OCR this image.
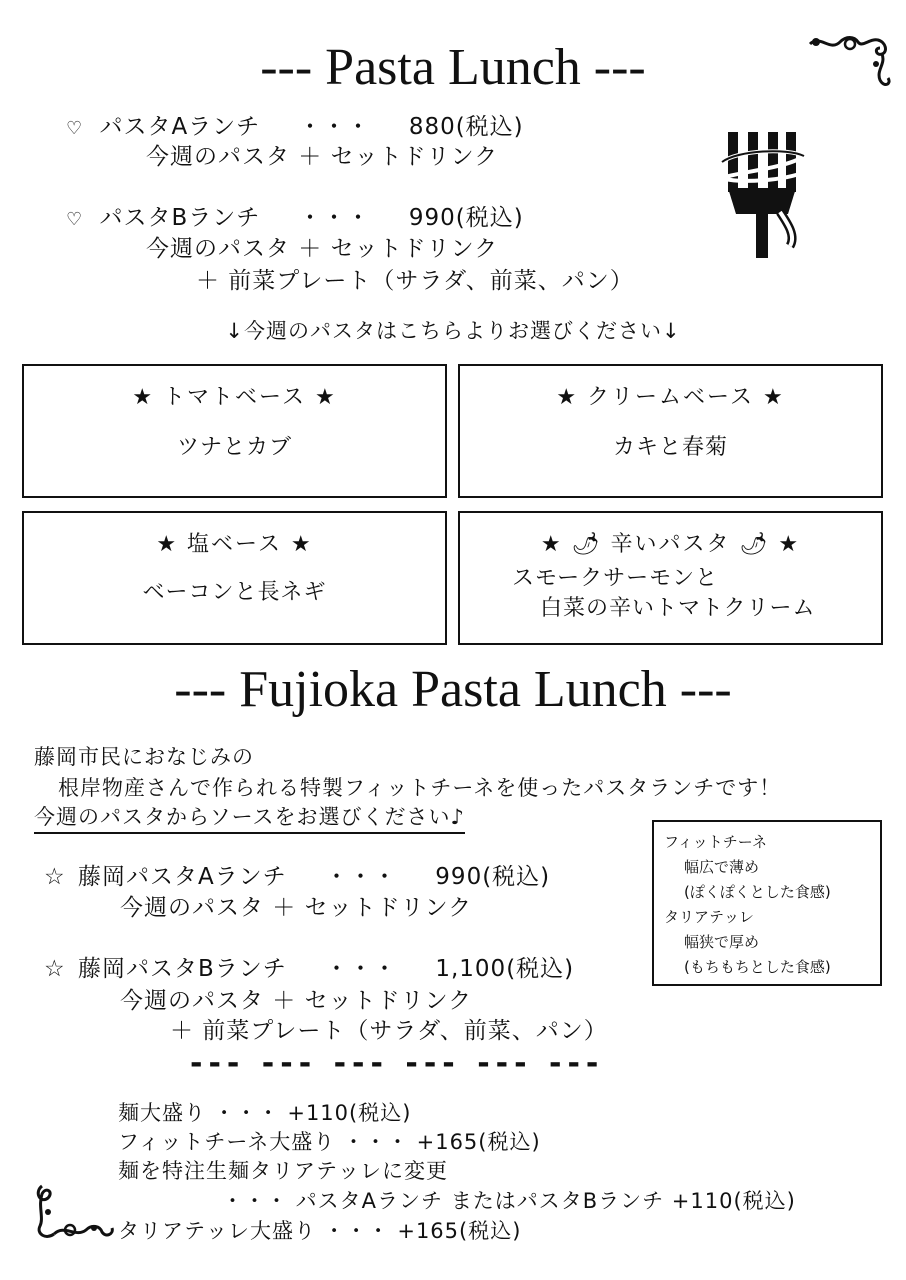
--- Pasta Lunch ---
♡ パスタAランチ ・・・ 880(税込)
今週のパスタ ＋ セットドリンク
♡ パスタBランチ ・・・ 990(税込)
今週のパスタ ＋ セットドリンク
＋ 前菜プレート（サラダ、前菜、パン）
↓今週のパスタはこちらよりお選びください↓
★ トマトベース ★
ツナとカブ
★ クリームベース ★
カキと春菊
★ 塩ベース ★
ベーコンと長ネギ
★ 🌶 辛いパスタ 🌶 ★
スモークサーモンと
白菜の辛いトマトクリーム
--- Fujioka Pasta Lunch ---
藤岡市民におなじみの
根岸物産さんで作られる特製フィットチーネを使ったパスタランチです！
今週のパスタからソースをお選びください♪
フィットチーネ
幅広で薄め
(ぽくぽくとした食感)
タリアテッレ
幅狭で厚め
(もちもちとした食感)
☆ 藤岡パスタAランチ ・・・ 990(税込)
今週のパスタ ＋ セットドリンク
☆ 藤岡パスタBランチ ・・・ 1,100(税込)
今週のパスタ ＋ セットドリンク
＋ 前菜プレート（サラダ、前菜、パン）
--- --- --- --- --- ---
麺大盛り ・・・ +110(税込)
フィットチーネ大盛り ・・・ +165(税込)
麺を特注生麺タリアテッレに変更
・・・ パスタAランチ またはパスタBランチ +110(税込)
タリアテッレ大盛り ・・・ +165(税込)
